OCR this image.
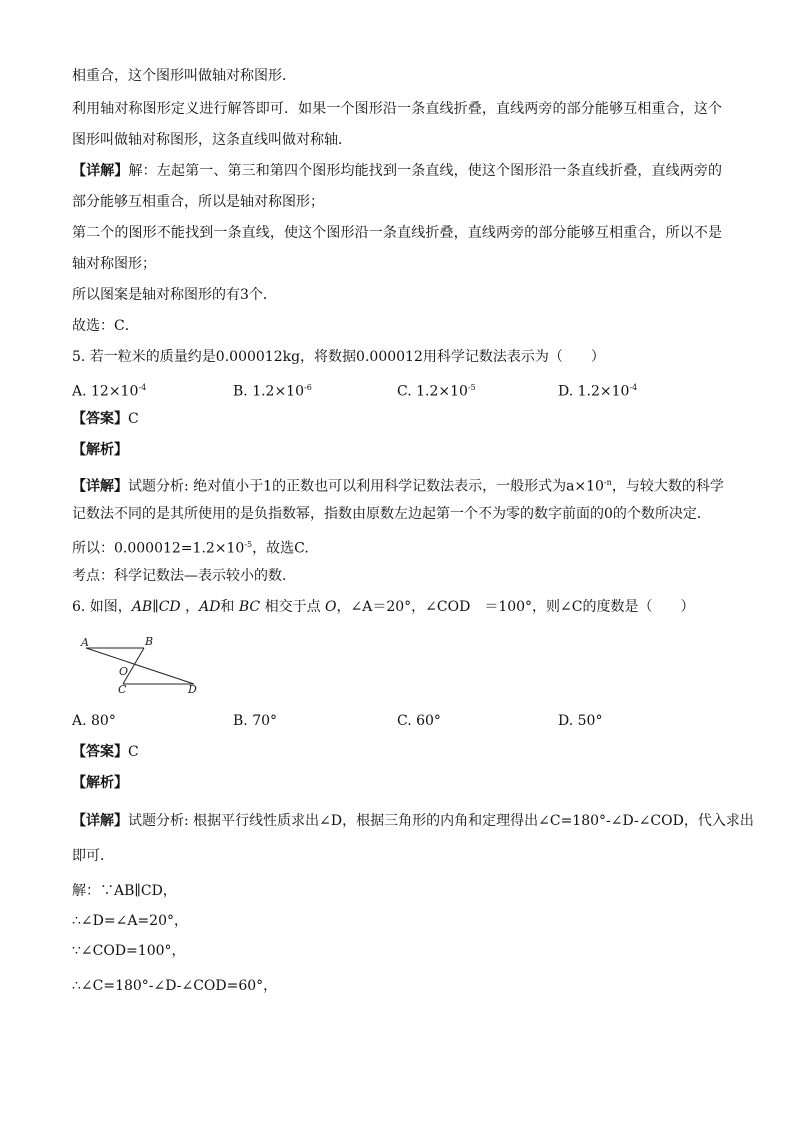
相重合，这个图形叫做轴对称图形．
利用轴对称图形定义进行解答即可．如果一个图形沿一条直线折叠，直线两旁的部分能够互相重合，这个
图形叫做轴对称图形，这条直线叫做对称轴．
【详解】解：左起第一、第三和第四个图形均能找到一条直线，使这个图形沿一条直线折叠，直线两旁的
部分能够互相重合，所以是轴对称图形；
第二个的图形不能找到一条直线，使这个图形沿一条直线折叠，直线两旁的部分能够互相重合，所以不是
轴对称图形；
所以图案是轴对称图形的有3个．
故选：C．
5. 若一粒米的质量约是0.000012kg，将数据0.000012用科学记数法表示为（　　）
A. $12\times 10^{-4}$	B. $1.2\times 10^{-6}$	C. $1.2\times 10^{-5}$	D. $1.2\times 10^{-4}$
【答案】C
【解析】
【详解】试题分析: 绝对值小于1的正数也可以利用科学记数法表示，一般形式为$a\times 10^{-n}$，与较大数的科学
记数法不同的是其所使用的是负指数幂，指数由原数左边起第一个不为零的数字前面的0的个数所决定．
所以：$0.000012=1.2\times 10^{-5}$，故选C.
考点：科学记数法—表示较小的数．
6. 如图，AB∥CD ，AD和 BC 相交于点 O，∠A＝20°，∠COD　＝100°，则∠C的度数是（　　）
A	B
O
C	D
A. 80°	B. 70°	C. 60°	D. 50°
【答案】C
【解析】
【详解】试题分析: 根据平行线性质求出∠D，根据三角形的内角和定理得出∠C=180°-∠D-∠COD，代入求出
即可．
解：∵AB∥CD，
∴∠D=∠A=20°，
∵∠COD=100°，
∴∠C=180°-∠D-∠COD=60°，
